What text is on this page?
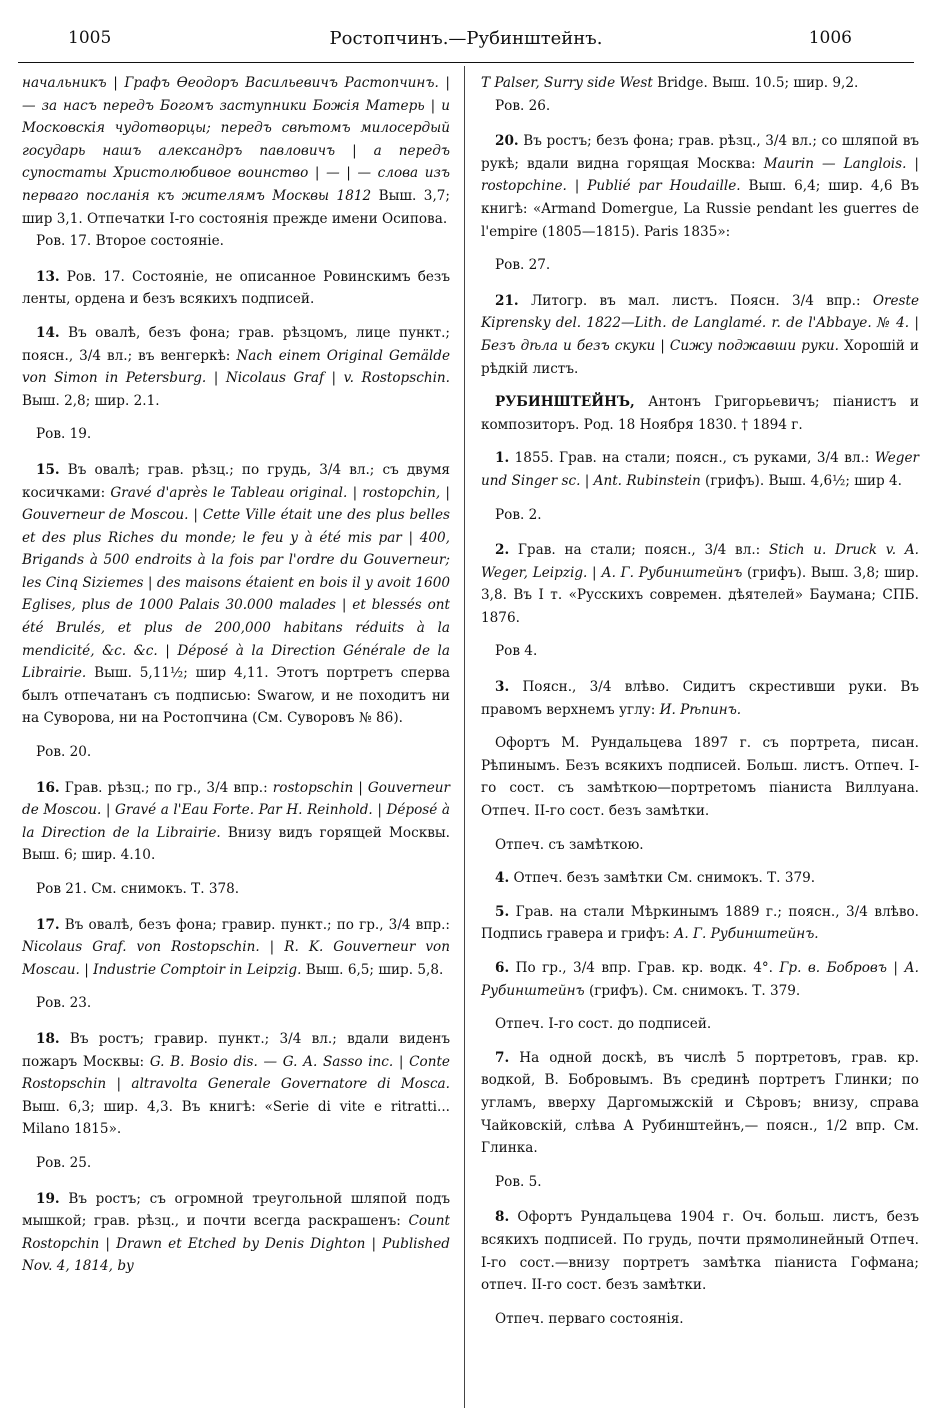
1005	Ростопчинъ.—Рубинштейнъ.	1006

начальникъ | Графъ Өеодоръ Васильевичъ Растопчинъ. | — за насъ передъ Богомъ заступники Божiя Матерь | и Московскiя чудотворцы; передъ свѣтомъ милосердый государь нашъ александръ павловичъ | а передъ супостаты Христолюбивое воинство | — | — слова изъ перваго посланiя къ жителямъ Москвы 1812 Выш. 3,7; шир 3,1. Отпечатки I-го состоянiя прежде имени Осипова.

Ров. 17. Второе состоянiе.

13. Ров. 17. Состоянiе, не описанное Ровинскимъ безъ ленты, ордена и безъ всякихъ подписей.

14. Въ овалѣ, безъ фона; грав. рѣзцомъ, лице пункт.; поясн., 3/4 вл.; въ венгеркѣ: Nach einem Original Gemälde von Simon in Petersburg. | Nicolaus Graf | v. Rostopschin. Выш. 2,8; шир. 2.1.

Ров. 19.

15. Въ овалѣ; грав. рѣзц.; по грудь, 3/4 вл.; съ двумя косичками: Gravé d'après le Tableau original. | rostopchin, | Gouverneur de Moscou. | Cette Ville était une des plus belles et des plus Riches du monde; le feu y à été mis par | 400, Brigands à 500 endroits à la fois par l'ordre du Gouverneur; les Cinq Siziemes | des maisons étaient en bois il y avoit 1600 Eglises, plus de 1000 Palais 30.000 malades | et blessés ont été Brulés, et plus de 200,000 habitans réduits à la mendicité, &c. &c. | Déposé à la Direction Générale de la Librairie. Выш. 5,11½; шир 4,11. Этотъ портретъ сперва былъ отпечатанъ съ подписью: Swarow, и не походитъ ни на Суворова, ни на Ростопчина (См. Суворовъ № 86).

Ров. 20.

16. Грав. рѣзц.; по гр., 3/4 впр.: rostopschin | Gouverneur de Moscou. | Gravé a l'Eau Forte. Par H. Reinhold. | Déposé à la Direction de la Librairie. Внизу видъ горящей Москвы. Выш. 6; шир. 4.10.

Ров 21. См. снимокъ. Т. 378.

17. Въ овалѣ, безъ фона; гравир. пункт.; по гр., 3/4 впр.: Nicolaus Graf. von Rostopschin. | R. K. Gouverneur von Moscau. | Industrie Comptoir in Leipzig. Выш. 6,5; шир. 5,8.

Ров. 23.

18. Въ ростъ; гравир. пункт.; 3/4 вл.; вдали виденъ пожаръ Москвы: G. B. Bosio dis. — G. A. Sasso inc. | Conte Rostopschin | altravolta Generale Governatore di Mosca. Выш. 6,3; шир. 4,3. Въ книгѣ: «Serie di vite e ritratti... Milano 1815».

Ров. 25.

19. Въ ростъ; съ огромной треугольной шляпой подъ мышкой; грав. рѣзц., и почти всегда раскрашенъ: Count Rostopchin | Drawn et Etched by Denis Dighton | Published Nov. 4, 1814, by

T Palser, Surry side West Bridge. Выш. 10.5; шир. 9,2.

Ров. 26.

20. Въ ростъ; безъ фона; грав. рѣзц., 3/4 вл.; со шляпой въ рукѣ; вдали видна горящая Москва: Maurin — Langlois. | rostopchine. | Publié par Houdaille. Выш. 6,4; шир. 4,6 Въ книгѣ: «Armand Domergue, La Russie pendant les guerres de l'empire (1805—1815). Paris 1835»:

Ров. 27.

21. Литогр. въ мал. листъ. Поясн. 3/4 впр.: Oreste Kiprensky del. 1822—Lith. de Langlamé. r. de l'Abbaye. № 4. | Безъ дѣла и безъ скуки | Сижу поджавши руки. Хорошiй и рѣдкiй листъ.

РУБИНШТЕЙНЪ, Антонъ Григорьевичъ; пiанистъ и композиторъ. Род. 18 Ноября 1830. † 1894 г.

1. 1855. Грав. на стали; поясн., съ руками, 3/4 вл.: Weger und Singer sc. | Ant. Rubinstein (грифъ). Выш. 4,6½; шир 4.

Ров. 2.

2. Грав. на стали; поясн., 3/4 вл.: Stich u. Druck v. A. Weger, Leipzig. | А. Г. Рубинштейнъ (грифъ). Выш. 3,8; шир. 3,8. Въ I т. «Русскихъ современ. дѣятелей» Баумана; СПБ. 1876.

Ров 4.

3. Поясн., 3/4 влѣво. Сидитъ скрестивши руки. Въ правомъ верхнемъ углу: И. Рѣпинъ.

Офортъ М. Рундальцева 1897 г. съ портрета, писан. Рѣпинымъ. Безъ всякихъ подписей. Больш. листъ. Отпеч. I-го сост. съ замѣткою—портретомъ пiаниста Виллуана. Отпеч. II-го сост. безъ замѣтки.

Отпеч. съ замѣткою.

4. Отпеч. безъ замѣтки См. снимокъ. Т. 379.

5. Грав. на стали Мѣркинымъ 1889 г.; поясн., 3/4 влѣво. Подпись гравера и грифъ: А. Г. Рубинштейнъ.

6. По гр., 3/4 впр. Грав. кр. водк. 4°. Гр. в. Бобровъ | А. Рубинштейнъ (грифъ). См. снимокъ. Т. 379.

Отпеч. I-го сост. до подписей.

7. На одной доскѣ, въ числѣ 5 портретовъ, грав. кр. водкой, В. Бобровымъ. Въ срединѣ портретъ Глинки; по угламъ, вверху Даргомыжскiй и Сѣровъ; внизу, справа Чайковскiй, слѣва А Рубинштейнъ,— поясн., 1/2 впр. См. Глинка.

Ров. 5.

8. Офортъ Рундальцева 1904 г. Оч. больш. листъ, безъ всякихъ подписей. По грудь, почти прямолинейный Отпеч. I-го сост.—внизу портретъ замѣтка пiаниста Гофмана; отпеч. II-го сост. безъ замѣтки.

Отпеч. перваго состоянiя.
